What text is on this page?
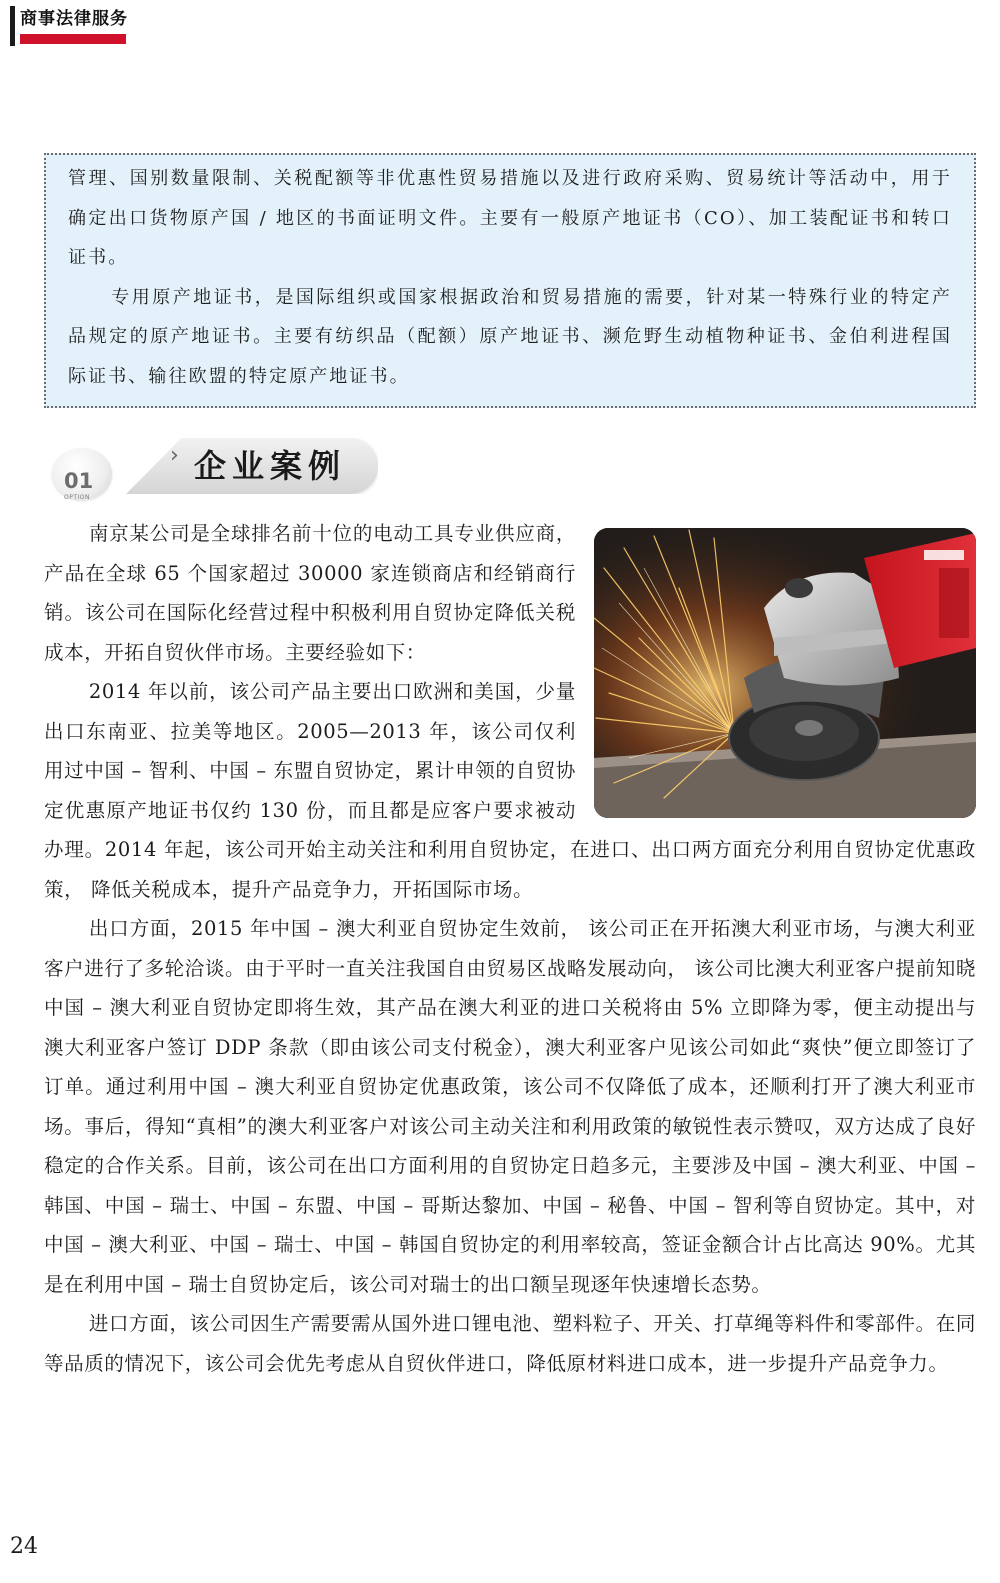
商事法律服务

管理、国别数量限制、关税配额等非优惠性贸易措施以及进行政府采购、贸易统计等活动中，用于确定出口货物原产国 / 地区的书面证明文件。主要有一般原产地证书（CO）、加工装配证书和转口证书。

专用原产地证书，是国际组织或国家根据政治和贸易措施的需要，针对某一特殊行业的特定产品规定的原产地证书。主要有纺织品（配额）原产地证书、濒危野生动植物种证书、金伯利进程国际证书、输往欧盟的特定原产地证书。

01
OPTION
› 企业案例

南京某公司是全球排名前十位的电动工具专业供应商，产品在全球 65 个国家超过 30000 家连锁商店和经销商行销。该公司在国际化经营过程中积极利用自贸协定降低关税成本，开拓自贸伙伴市场。主要经验如下：

2014 年以前，该公司产品主要出口欧洲和美国，少量出口东南亚、拉美等地区。2005—2013 年，该公司仅利用过中国 – 智利、中国 – 东盟自贸协定，累计申领的自贸协定优惠原产地证书仅约 130 份，而且都是应客户要求被动办理。2014 年起，该公司开始主动关注和利用自贸协定，在进口、出口两方面充分利用自贸协定优惠政策， 降低关税成本，提升产品竞争力，开拓国际市场。

出口方面，2015 年中国 – 澳大利亚自贸协定生效前， 该公司正在开拓澳大利亚市场，与澳大利亚客户进行了多轮洽谈。由于平时一直关注我国自由贸易区战略发展动向， 该公司比澳大利亚客户提前知晓中国 – 澳大利亚自贸协定即将生效，其产品在澳大利亚的进口关税将由 5% 立即降为零，便主动提出与澳大利亚客户签订 DDP 条款（即由该公司支付税金），澳大利亚客户见该公司如此“爽快”便立即签订了订单。通过利用中国 – 澳大利亚自贸协定优惠政策，该公司不仅降低了成本，还顺利打开了澳大利亚市场。事后，得知“真相”的澳大利亚客户对该公司主动关注和利用政策的敏锐性表示赞叹，双方达成了良好稳定的合作关系。目前，该公司在出口方面利用的自贸协定日趋多元，主要涉及中国 – 澳大利亚、中国 – 韩国、中国 – 瑞士、中国 – 东盟、中国 – 哥斯达黎加、中国 – 秘鲁、中国 – 智利等自贸协定。其中，对中国 – 澳大利亚、中国 – 瑞士、中国 – 韩国自贸协定的利用率较高，签证金额合计占比高达 90%。尤其是在利用中国 – 瑞士自贸协定后，该公司对瑞士的出口额呈现逐年快速增长态势。

进口方面，该公司因生产需要需从国外进口锂电池、塑料粒子、开关、打草绳等料件和零部件。在同等品质的情况下，该公司会优先考虑从自贸伙伴进口，降低原材料进口成本，进一步提升产品竞争力。

24
